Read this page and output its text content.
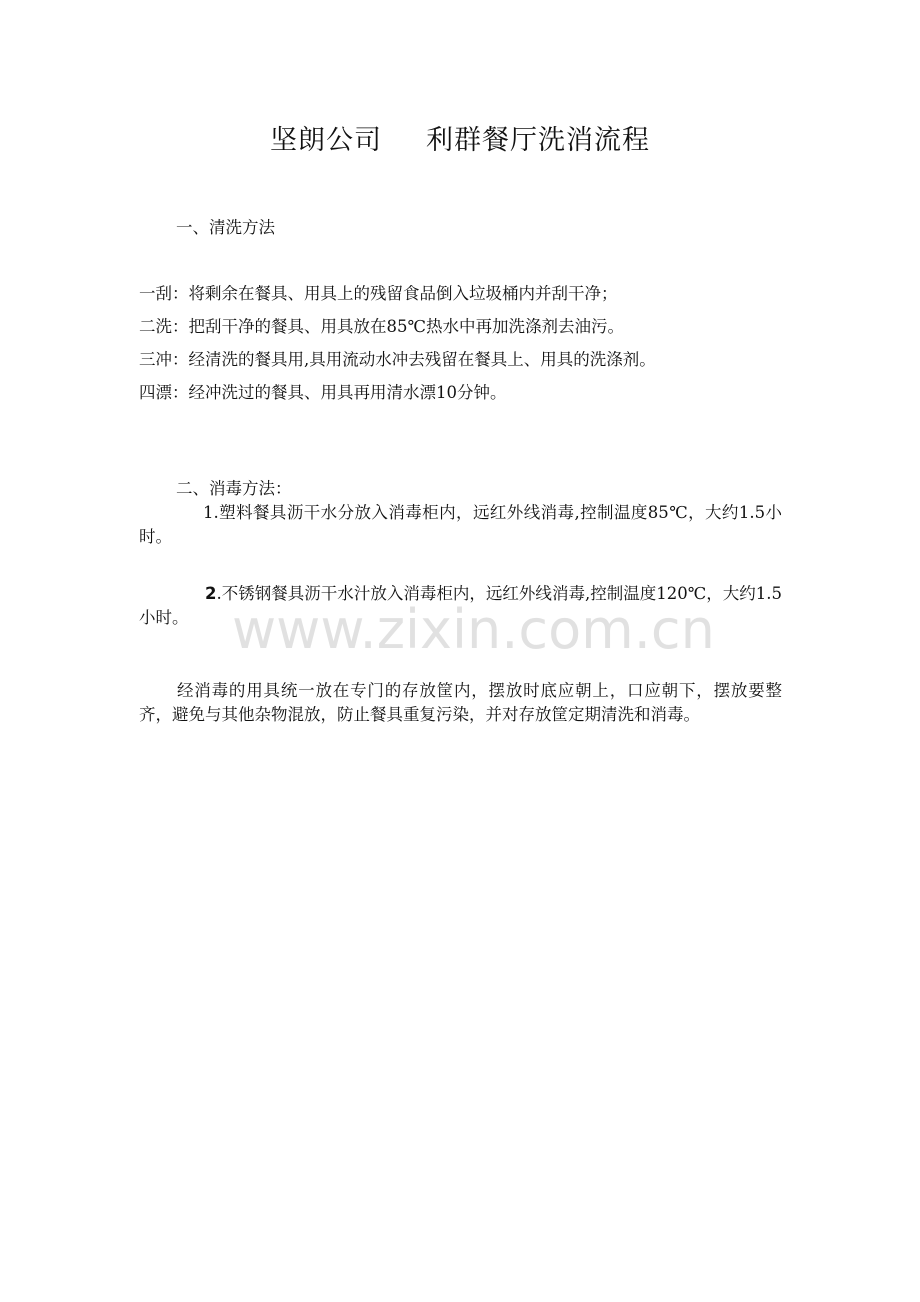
坚朗公司 利群餐厅洗消流程
一、清洗方法
一刮：将剩余在餐具、用具上的残留食品倒入垃圾桶内并刮干净；
二洗：把刮干净的餐具、用具放在85℃热水中再加洗涤剂去油污。
三冲：经清洗的餐具用,具用流动水冲去残留在餐具上、用具的洗涤剂。
四漂：经冲洗过的餐具、用具再用清水漂10分钟。
二、消毒方法：
1.塑料餐具沥干水分放入消毒柜内，远红外线消毒,控制温度85℃，大约1.5小时。
2.不锈钢餐具沥干水汁放入消毒柜内，远红外线消毒,控制温度120℃，大约1.5小时。
经消毒的用具统一放在专门的存放筐内，摆放时底应朝上，口应朝下，摆放要整齐，避免与其他杂物混放，防止餐具重复污染，并对存放筐定期清洗和消毒。
www.zixin.com.cn
